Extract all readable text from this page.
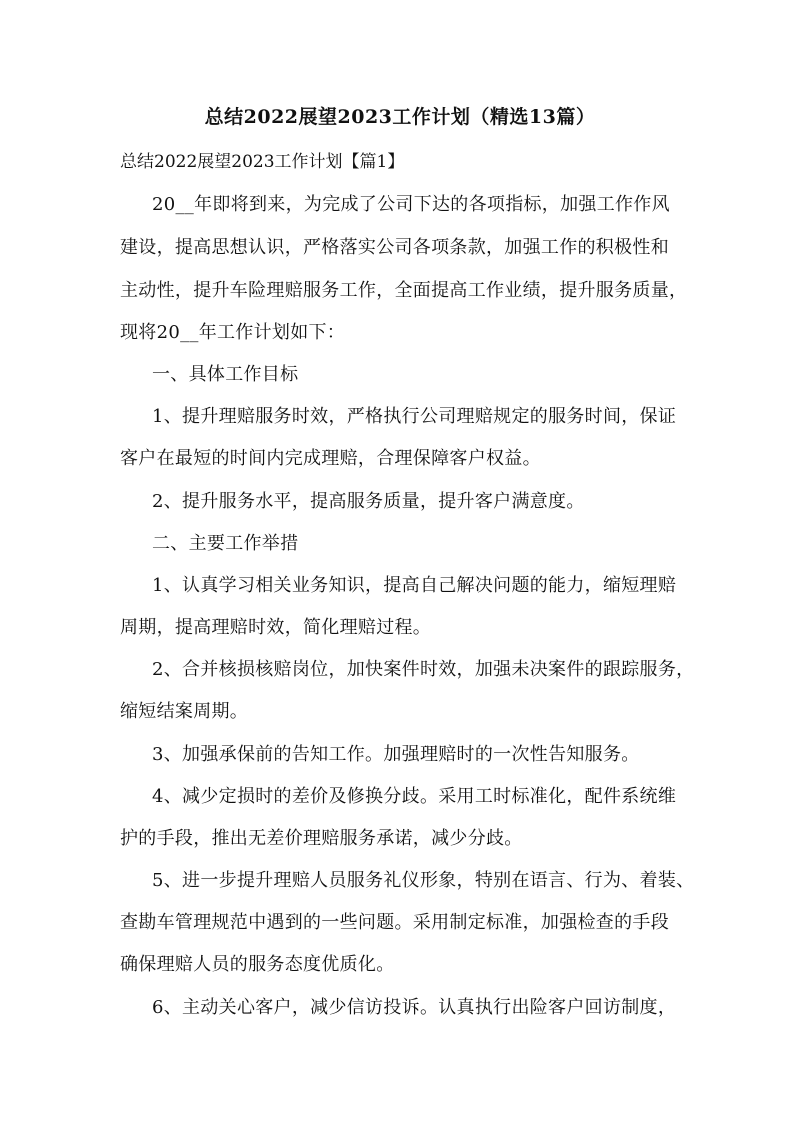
总结2022展望2023工作计划（精选13篇）
总结2022展望2023工作计划【篇1】
20__年即将到来，为完成了公司下达的各项指标，加强工作作风
建设，提高思想认识，严格落实公司各项条款，加强工作的积极性和
主动性，提升车险理赔服务工作，全面提高工作业绩，提升服务质量，
现将20__年工作计划如下：
一、具体工作目标
1、提升理赔服务时效，严格执行公司理赔规定的服务时间，保证
客户在最短的时间内完成理赔，合理保障客户权益。
2、提升服务水平，提高服务质量，提升客户满意度。
二、主要工作举措
1、认真学习相关业务知识，提高自己解决问题的能力，缩短理赔
周期，提高理赔时效，简化理赔过程。
2、合并核损核赔岗位，加快案件时效，加强未决案件的跟踪服务，
缩短结案周期。
3、加强承保前的告知工作。加强理赔时的一次性告知服务。
4、减少定损时的差价及修换分歧。采用工时标准化，配件系统维
护的手段，推出无差价理赔服务承诺，减少分歧。
5、进一步提升理赔人员服务礼仪形象，特别在语言、行为、着装、
查勘车管理规范中遇到的一些问题。采用制定标准，加强检查的手段
确保理赔人员的服务态度优质化。
6、主动关心客户，减少信访投诉。认真执行出险客户回访制度，
